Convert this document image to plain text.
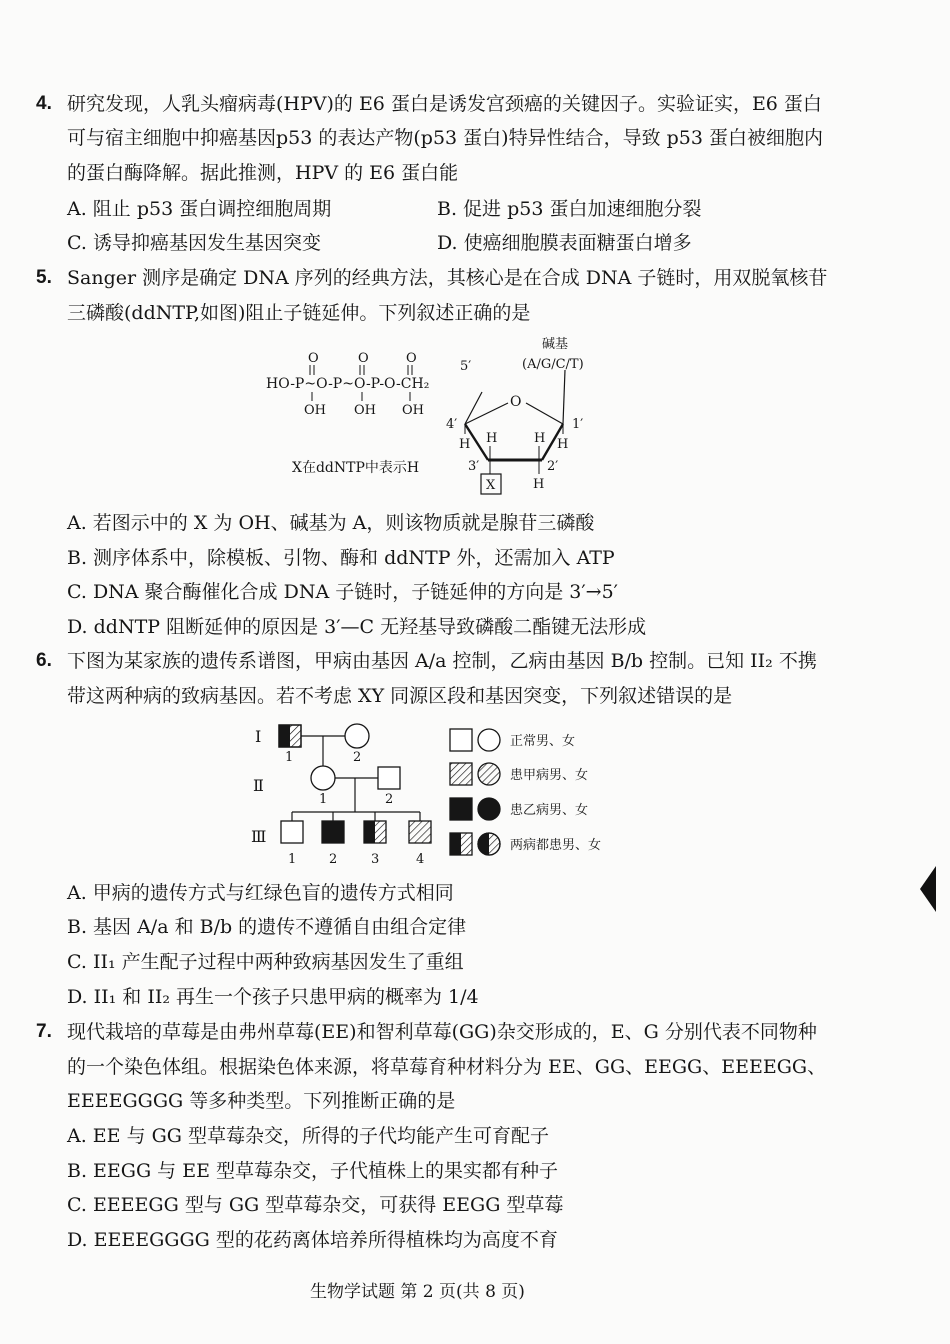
4. 研究发现，人乳头瘤病毒(HPV)的 E6 蛋白是诱发宫颈癌的关键因子。实验证实，E6 蛋白
可与宿主细胞中抑癌基因p53 的表达产物(p53 蛋白)特异性结合，导致 p53 蛋白被细胞内
的蛋白酶降解。据此推测，HPV 的 E6 蛋白能
A. 阻止 p53 蛋白调控细胞周期	B. 促进 p53 蛋白加速细胞分裂
C. 诱导抑癌基因发生基因突变	D. 使癌细胞膜表面糖蛋白增多
5. Sanger 测序是确定 DNA 序列的经典方法，其核心是在合成 DNA 子链时，用双脱氧核苷
三磷酸(ddNTP,如图)阻止子链延伸。下列叙述正确的是
O	O	O
HO-P~O-P~O-P-O-CH₂
OH OH OH
5′
碱基
(A/G/C/T)
O
4′	1′
H	H
H	H
3′	2′
X	H
X在ddNTP中表示H
A. 若图示中的 X 为 OH、碱基为 A，则该物质就是腺苷三磷酸
B. 测序体系中，除模板、引物、酶和 ddNTP 外，还需加入 ATP
C. DNA 聚合酶催化合成 DNA 子链时，子链延伸的方向是 3′→5′
D. ddNTP 阻断延伸的原因是 3′—C 无羟基导致磷酸二酯键无法形成
6. 下图为某家族的遗传系谱图，甲病由基因 A/a 控制，乙病由基因 B/b 控制。已知 II₂ 不携
带这两种病的致病基因。若不考虑 XY 同源区段和基因突变，下列叙述错误的是
I
Ⅱ
Ⅲ
1	2
1	2
1	2	3	4
正常男、女
患甲病男、女
患乙病男、女
两病都患男、女
A. 甲病的遗传方式与红绿色盲的遗传方式相同
B. 基因 A/a 和 B/b 的遗传不遵循自由组合定律
C. II₁ 产生配子过程中两种致病基因发生了重组
D. II₁ 和 II₂ 再生一个孩子只患甲病的概率为 1/4
7. 现代栽培的草莓是由弗州草莓(EE)和智利草莓(GG)杂交形成的，E、G 分别代表不同物种
的一个染色体组。根据染色体来源，将草莓育种材料分为 EE、GG、EEGG、EEEEGG、
EEEEGGGG 等多种类型。下列推断正确的是
A. EE 与 GG 型草莓杂交，所得的子代均能产生可育配子
B. EEGG 与 EE 型草莓杂交，子代植株上的果实都有种子
C. EEEEGG 型与 GG 型草莓杂交，可获得 EEGG 型草莓
D. EEEEGGGG 型的花药离体培养所得植株均为高度不育
生物学试题 第 2 页(共 8 页)
